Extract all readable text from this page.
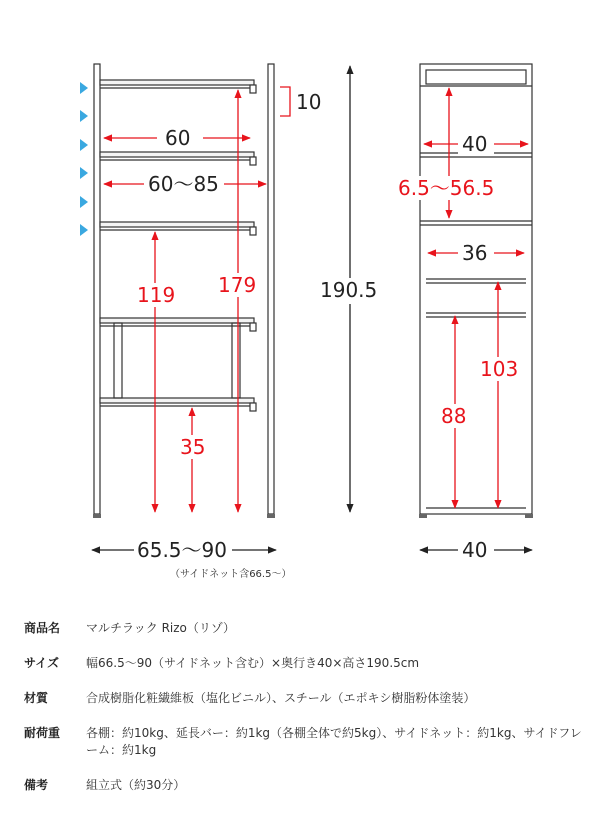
10
60
60〜85
119 179
35
190.5
65.5〜90
（サイドネット含66.5〜）
40
6.5〜56.5
36
103
88
40
商品名	マルチラック Rizo（リゾ）
サイズ	幅66.5〜90（サイドネット含む）×奥行き40×高さ190.5cm
材質	合成樹脂化粧繊維板（塩化ビニル）、スチール（エポキシ樹脂粉体塗装）
耐荷重	各棚：約10kg、延長バー：約1kg（各棚全体で約5kg）、サイドネット：約1kg、サイドフレーム：約1kg
備考	組立式（約30分）
